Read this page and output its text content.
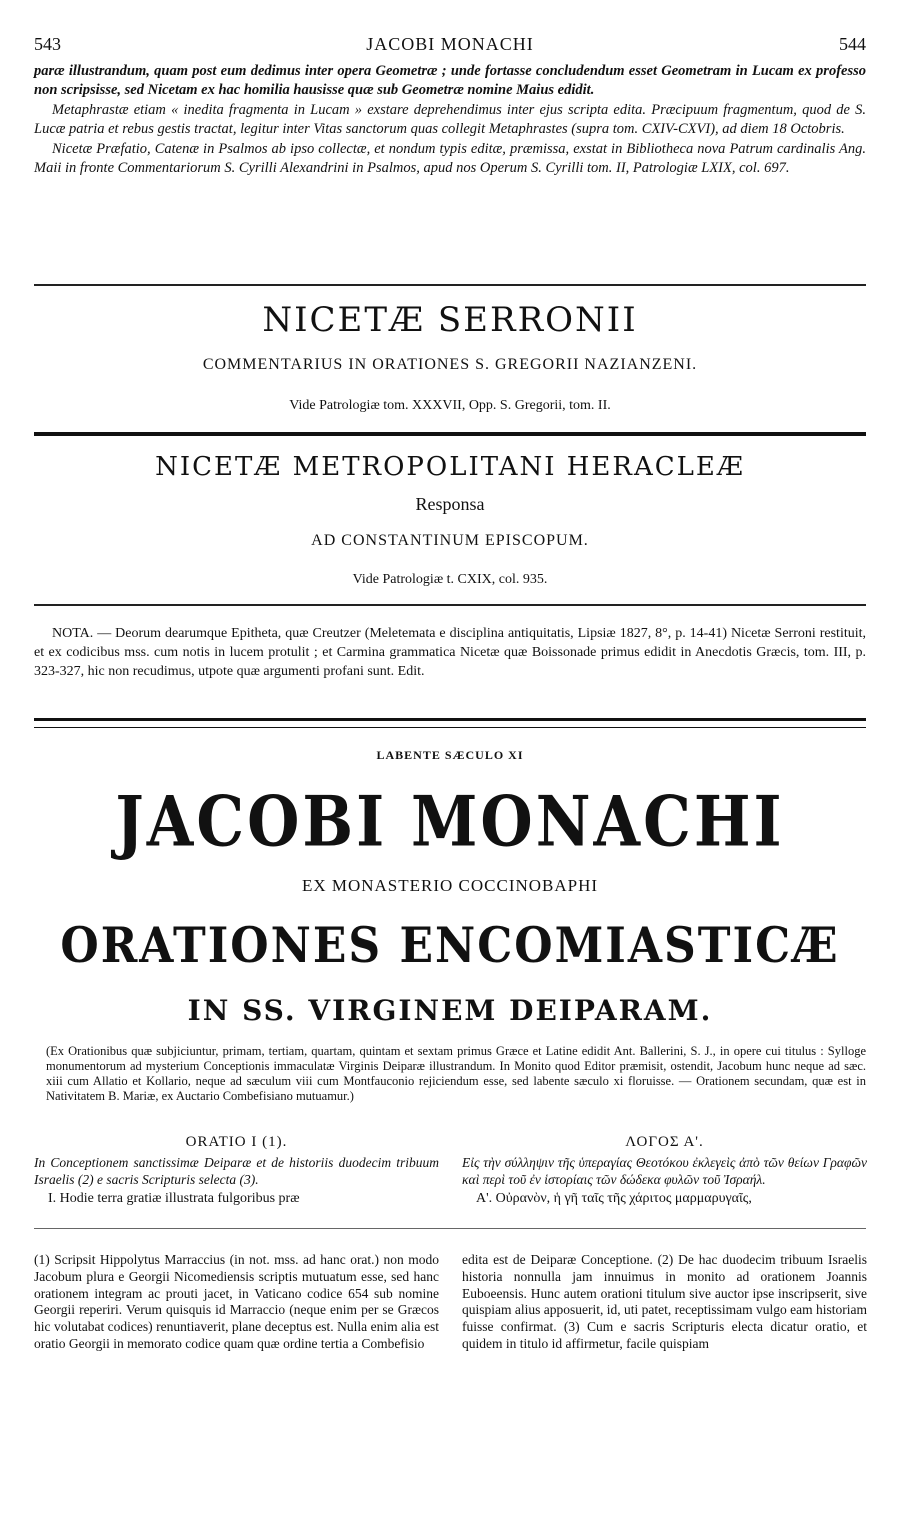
543	JACOBI MONACHI	544

paræ illustrandum, quam post eum dedimus inter opera Geometræ ; unde fortasse concludendum esset Geometram in Lucam ex professo non scripsisse, sed Nicetam ex hac homilia hausisse quæ sub Geometræ nomine Maius edidit.

Metaphrastæ etiam « inedita fragmenta in Lucam » exstare deprehendimus inter ejus scripta edita. Præcipuum fragmentum, quod de S. Lucæ patria et rebus gestis tractat, legitur inter Vitas sanctorum quas collegit Metaphrastes (supra tom. CXIV-CXVI), ad diem 18 Octobris.

Nicetæ Præfatio, Catenæ in Psalmos ab ipso collectæ, et nondum typis editæ, præmissa, exstat in Bibliotheca nova Patrum cardinalis Ang. Maii in fronte Commentariorum S. Cyrilli Alexandrini in Psalmos, apud nos Operum S. Cyrilli tom. II, Patrologiæ LXIX, col. 697.

NICETÆ SERRONII
COMMENTARIUS IN ORATIONES S. GREGORII NAZIANZENI.
Vide Patrologiæ tom. XXXVII, Opp. S. Gregorii, tom. II.
NICETÆ METROPOLITANI HERACLEÆ
Responsa
AD CONSTANTINUM EPISCOPUM.
Vide Patrologiæ t. CXIX, col. 935.

NOTA. — Deorum dearumque Epitheta, quæ Creutzer (Meletemata e disciplina antiquitatis, Lipsiæ 1827, 8°, p. 14-41) Nicetæ Serroni restituit, et ex codicibus mss. cum notis in lucem protulit ; et Carmina grammatica Nicetæ quæ Boissonade primus edidit in Anecdotis Græcis, tom. III, p. 323-327, hic non recudimus, utpote quæ argumenti profani sunt. Edit.

LABENTE SÆCULO XI
JACOBI MONACHI
EX MONASTERIO COCCINOBAPHI
ORATIONES ENCOMIASTICÆ
IN SS. VIRGINEM DEIPARAM.
(Ex Orationibus quæ subjiciuntur, primam, tertiam, quartam, quintam et sextam primus Græce et Latine edidit Ant. Ballerini, S. J., in opere cui titulus : Sylloge monumentorum ad mysterium Conceptionis immaculatæ Virginis Deiparæ illustrandum. In Monito quod Editor præmisit, ostendit, Jacobum hunc neque ad sæc. xiii cum Allatio et Kollario, neque ad sæculum viii cum Montfauconio rejiciendum esse, sed labente sæculo xi floruisse. — Orationem secundam, quæ est in Nativitatem B. Mariæ, ex Auctario Combefisiano mutuamur.)
ORATIO I (1).
In Conceptionem sanctissimæ Deiparæ et de historiis duodecim tribuum Israelis (2) e sacris Scripturis selecta (3).
I. Hodie terra gratiæ illustrata fulgoribus præ
ΛΟΓΟΣ Α'.
Εἰς τὴν σύλληψιν τῆς ὑπεραγίας Θεοτόκου ἐκλεγεὶς ἀπὸ τῶν θείων Γραφῶν καὶ περὶ τοῦ ἐν ἱστορίαις τῶν δώδεκα φυλῶν τοῦ Ἰσραήλ.
Α'. Οὐρανὸν, ἡ γῆ ταῖς τῆς χάριτος μαρμαρυγαῖς,
(1) Scripsit Hippolytus Marraccius (in not. mss. ad hanc orat.) non modo Jacobum plura e Georgii Nicomediensis scriptis mutuatum esse, sed hanc orationem integram ac prouti jacet, in Vaticano codice 654 sub nomine Georgii reperiri. Verum quisquis id Marraccio (neque enim per se Græcos hic volutabat codices) renuntiaverit, plane deceptus est. Nulla enim alia est oratio Georgii in memorato codice quam quæ ordine tertia a Combefisio
edita est de Deiparæ Conceptione. (2) De hac duodecim tribuum Israelis historia nonnulla jam innuimus in monito ad orationem Joannis Euboeensis. Hunc autem orationi titulum sive auctor ipse inscripserit, sive quispiam alius apposuerit, id, uti patet, receptissimam vulgo eam historiam fuisse confirmat. (3) Cum e sacris Scripturis electa dicatur oratio, et quidem in titulo id affirmetur, facile quispiam
